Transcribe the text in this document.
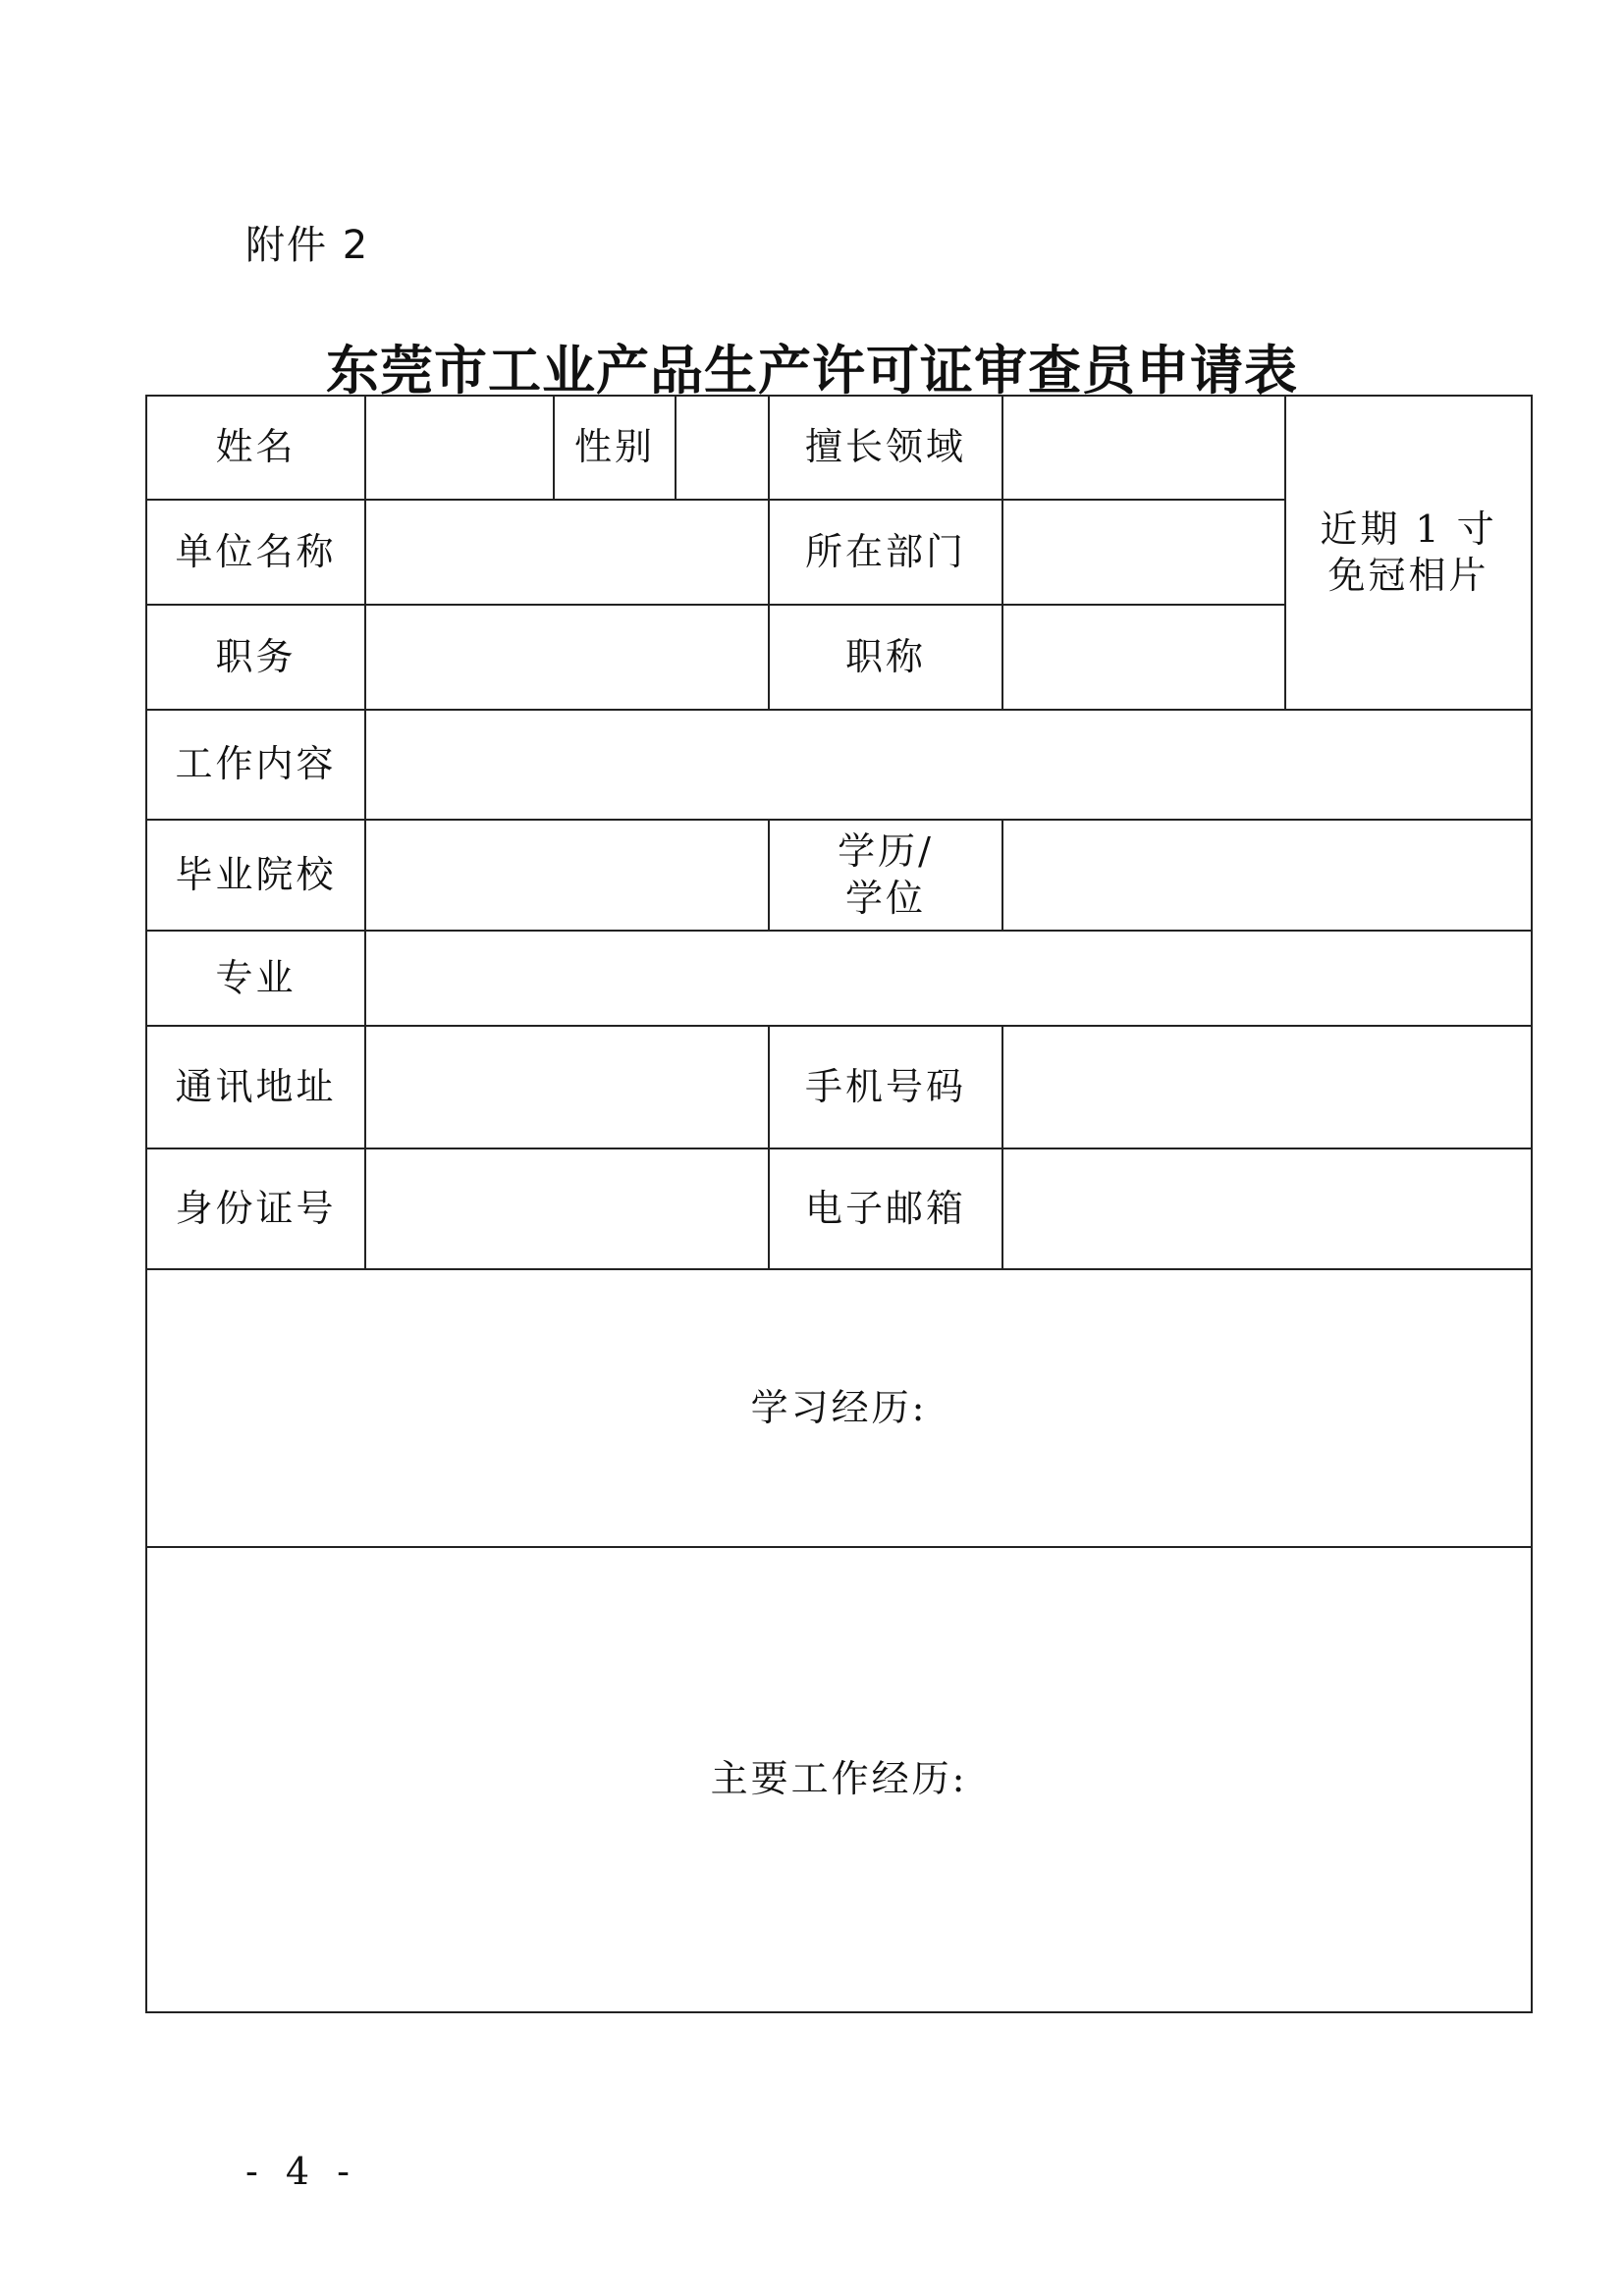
附件 2
东莞市工业产品生产许可证审查员申请表
姓名		性别		擅长领域		近期 1 寸
免冠相片

单位名称				所在部门		
职务				职称		
工作内容						
毕业院校				学历/
学位		

专业						
通讯地址				手机号码		
身份证号				电子邮箱		
学习经历:						
主要工作经历:						
- 4 -
